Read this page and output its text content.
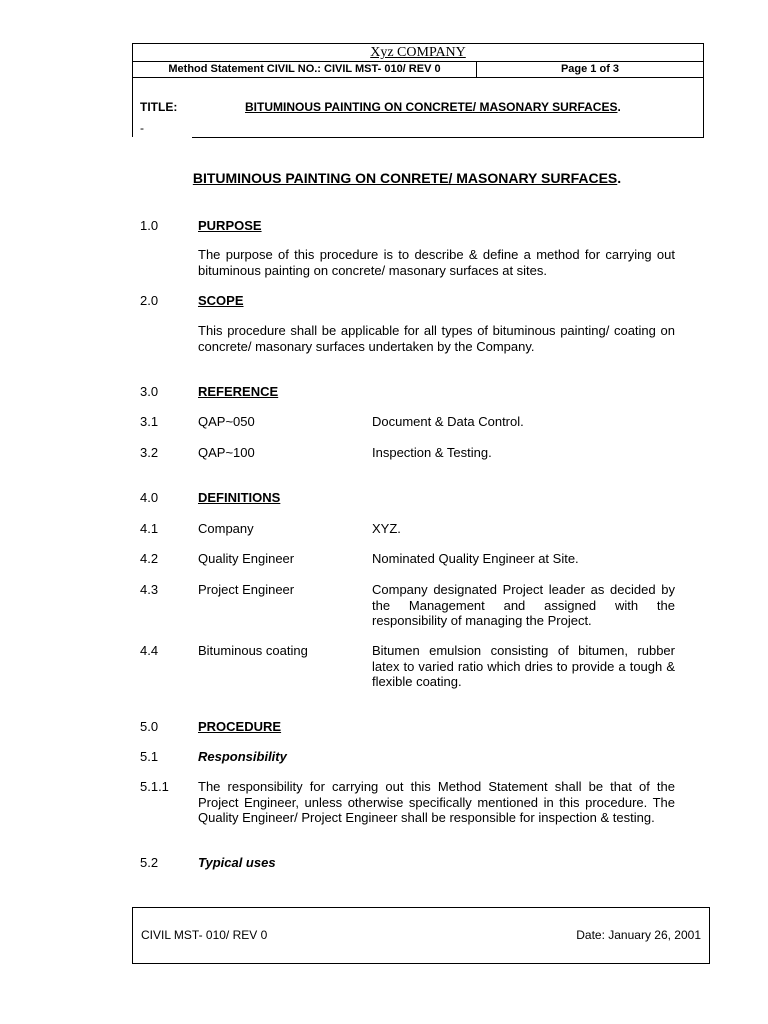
Xyz COMPANY
Method Statement CIVIL NO.: CIVIL MST- 010/ REV 0	Page 1 of 3
TITLE:	BITUMINOUS PAINTING ON CONCRETE/ MASONARY SURFACES.
-
BITUMINOUS PAINTING ON CONRETE/ MASONARY SURFACES.
1.0	PURPOSE
The purpose of this procedure is to describe & define a method for carrying out bituminous painting on concrete/ masonary surfaces at sites.
2.0	SCOPE
This procedure shall be applicable for all types of bituminous painting/ coating on concrete/ masonary surfaces undertaken by the Company.
3.0	REFERENCE
3.1	QAP~050	Document & Data Control.
3.2	QAP~100	Inspection & Testing.
4.0	DEFINITIONS
4.1	Company	XYZ.
4.2	Quality Engineer	Nominated Quality Engineer at Site.
4.3	Project Engineer	Company designated Project leader as decided by the Management and assigned with the responsibility of managing the Project.
4.4	Bituminous coating	Bitumen emulsion consisting of bitumen, rubber latex to varied ratio which dries to provide a tough & flexible coating.
5.0	PROCEDURE
5.1	Responsibility
5.1.1 The responsibility for carrying out this Method Statement shall be that of the Project Engineer, unless otherwise specifically mentioned in this procedure. The Quality Engineer/ Project Engineer shall be responsible for inspection & testing.
5.2	Typical uses
CIVIL MST- 010/ REV 0	Date: January 26, 2001
